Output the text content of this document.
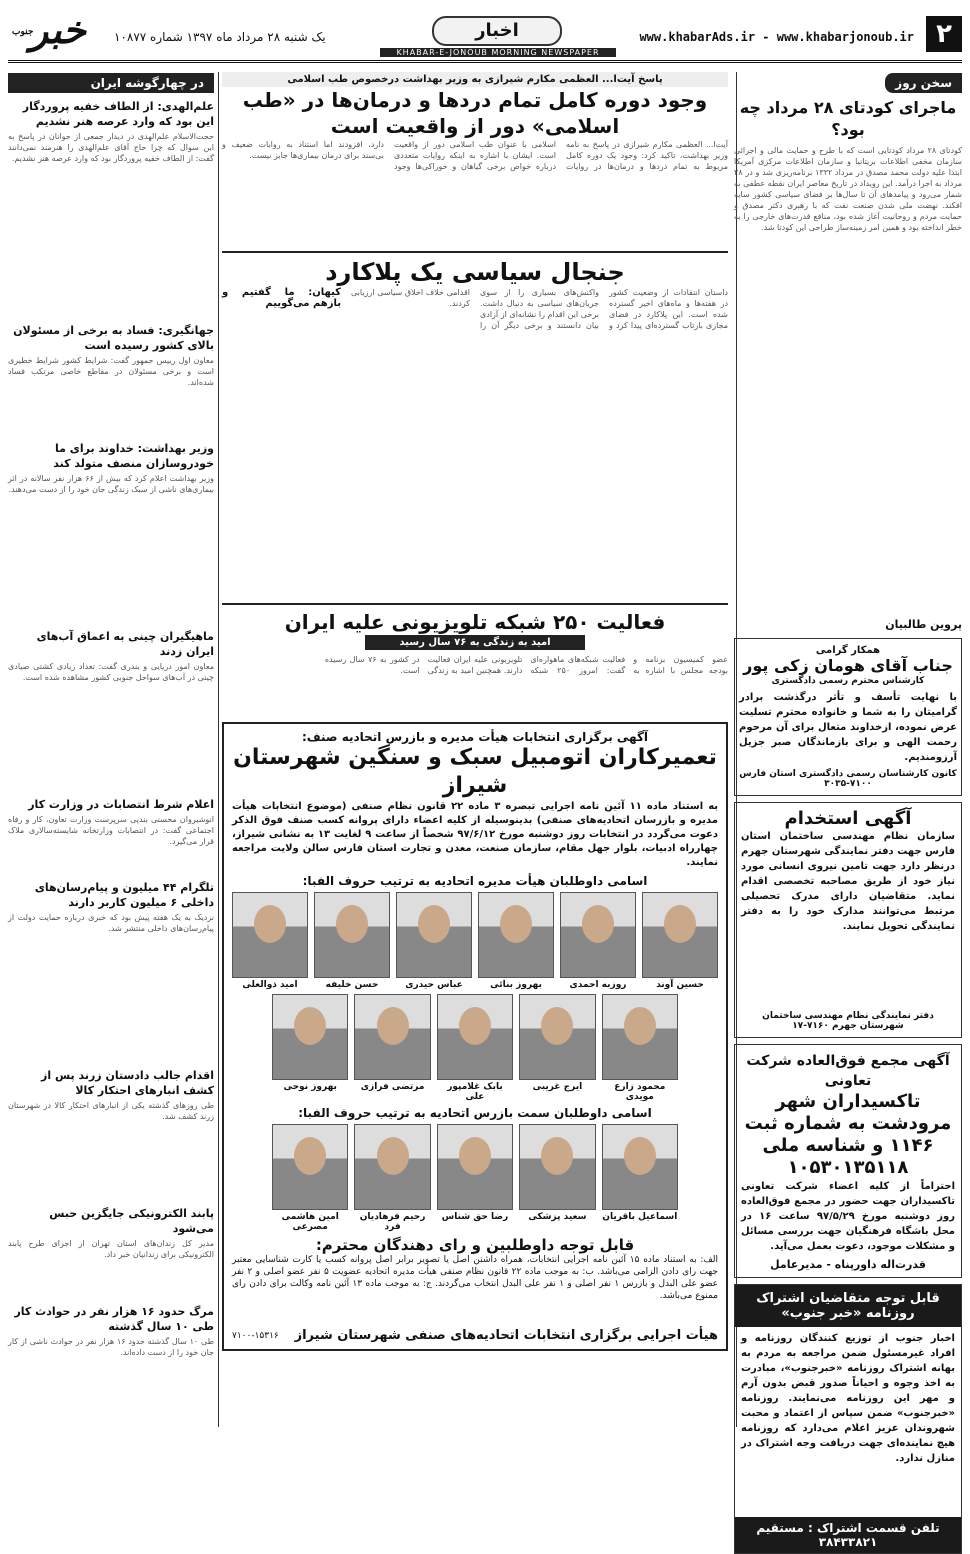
۲
www.khabarAds.ir - www.khabarjonoub.ir
اخبار
KHABAR-E-JONOUB MORNING NEWSPAPER
یک شنبه ۲۸ مرداد ماه ۱۳۹۷ شماره ۱۰۸۷۷
خبر
جنوب
سخن روز
ماجرای کودتای ۲۸ مرداد چه بود؟
کودتای ۲۸ مرداد کودتایی است که با طرح و حمایت مالی و اجرائی سازمان مخفی اطلاعات بریتانیا و سازمان اطلاعات مرکزی آمریکا ابتدا علیه دولت محمد مصدق در مرداد ۱۳۳۲ برنامه‌ریزی شد و در ۲۸ مرداد به اجرا درآمد. این رویداد در تاریخ معاصر ایران نقطه عطفی به شمار می‌رود و پیامدهای آن تا سال‌ها بر فضای سیاسی کشور سایه افکند. نهضت ملی شدن صنعت نفت که با رهبری دکتر مصدق و حمایت مردم و روحانیت آغاز شده بود، منافع قدرت‌های خارجی را به خطر انداخته بود و همین امر زمینه‌ساز طراحی این کودتا شد.
پروین طالبیان
همکار گرامی
جناب آقای هومان زکی پور
کارشناس محترم رسمی دادگستری
با نهایت تأسف و تأثر درگذشت برادر گرامیتان را به شما و خانواده محترم تسلیت عرض نموده، ازخداوند متعال برای آن مرحوم رحمت الهی و برای بازماندگان صبر جزیل آرزومندیم.
کانون کارشناسان رسمی دادگستری استان فارس ۷۱۰۰-۳۰۳۵
آگهی استخدام
سازمان نظام مهندسی ساختمان استان فارس جهت دفتر نمایندگی شهرستان جهرم درنظر دارد جهت تامین نیروی انسانی مورد نیاز خود از طریق مصاحبه تخصصی اقدام نماید. متقاضیان دارای مدرک تحصیلی مرتبط می‌توانند مدارک خود را به دفتر نمایندگی تحویل نمایند.
دفتر نمایندگی نظام مهندسی ساختمان شهرستان جهرم ۷۱۶۰-۱۷
آگهی مجمع فوق‌العاده شرکت تعاونی
تاکسیداران شهر مرودشت به شماره ثبت ۱۱۴۶ و شناسه ملی ۱۰۵۳۰۱۳۵۱۱۸
احتراماً از کلیه اعضاء شرکت تعاونی تاکسیداران جهت حضور در مجمع فوق‌العاده روز دوشنبه مورخ ۹۷/۵/۲۹ ساعت ۱۶ در محل باشگاه فرهنگیان جهت بررسی مسائل و مشکلات موجود، دعوت بعمل می‌آید.
قدرت‌اله داورپناه - مدیرعامل
قابل توجه متقاضیان اشتراک روزنامه «خبر جنوب»
اخبار جنوب از توزیع کنندگان روزنامه و افراد غیرمسئول ضمن مراجعه به مردم به بهانه اشتراک روزنامه «خبرجنوب»، مبادرت به اخذ وجوه و احیاناً صدور قبض بدون آرم و مهر این روزنامه می‌نمایند. روزنامه «خبرجنوب» ضمن سپاس از اعتماد و محبت شهروندان عزیز اعلام می‌دارد که روزنامه هیچ نماینده‌ای جهت دریافت وجه اشتراک در منازل ندارد.
تلفن قسمت اشتراک : مستقیم ۳۸۴۳۳۸۲۱
در چهارگوشه ایران
علم‌الهدی: از الطاف خفیه پروردگار این بود که وارد عرصه هنر نشدیم
حجت‌الاسلام علم‌الهدی در دیدار جمعی از جوانان در پاسخ به این سوال که چرا حاج آقای علم‌الهدی را هنرمند نمی‌دانند گفت: از الطاف خفیه پروردگار بود که وارد عرصه هنر نشدیم.
جهانگیری: فساد به برخی از مسئولان بالای کشور رسیده است
معاون اول رییس جمهور گفت: شرایط کشور شرایط خطیری است و برخی مسئولان در مقاطع خاصی مرتکب فساد شده‌اند.
وزیر بهداشت: خداوند برای ما خودروسازان منصف متولد کند
وزیر بهداشت اعلام کرد که بیش از ۶۶ هزار نفر سالانه در اثر بیماری‌های ناشی از سبک زندگی جان خود را از دست می‌دهند.
ماهیگیران چینی به اعماق آب‌های ایران زدند
معاون امور دریایی و بندری گفت: تعداد زیادی کشتی صیادی چینی در آب‌های سواحل جنوبی کشور مشاهده شده است.
اعلام شرط انتصابات در وزارت کار
انوشیروان محسنی بندپی سرپرست وزارت تعاون، کار و رفاه اجتماعی گفت: در انتصابات وزارتخانه شایسته‌سالاری ملاک قرار می‌گیرد.
تلگرام ۴۴ میلیون و پیام‌رسان‌های داخلی ۶ میلیون کاربر دارند
نزدیک به یک هفته پیش بود که خبری درباره حمایت دولت از پیام‌رسان‌های داخلی منتشر شد.
اقدام جالب دادستان زرند پس از کشف انبارهای احتکار کالا
طی روزهای گذشته یکی از انبارهای احتکار کالا در شهرستان زرند کشف شد.
پابند الکترونیکی جایگزین حبس می‌شود
مدیر کل زندان‌های استان تهران از اجرای طرح پابند الکترونیکی برای زندانیان خبر داد.
مرگ حدود ۱۶ هزار نفر در حوادث کار طی ۱۰ سال گذشته
طی ۱۰ سال گذشته حدود ۱۶ هزار نفر در حوادث ناشی از کار جان خود را از دست داده‌اند.
پاسخ آیت‌ا... العظمی مکارم شیرازی به وزیر بهداشت درخصوص طب اسلامی
وجود دوره کامل تمام دردها و درمان‌ها در «طب اسلامی» دور از واقعیت است
آیت‌ا... العظمی مکارم شیرازی در پاسخ به نامه وزیر بهداشت، تاکید کرد: وجود یک دوره کامل مربوط به تمام دردها و درمان‌ها در روایات اسلامی با عنوان طب اسلامی دور از واقعیت است. ایشان با اشاره به اینکه روایات متعددی درباره خواص برخی گیاهان و خوراکی‌ها وجود دارد، افزودند اما استناد به روایات ضعیف و بی‌سند برای درمان بیماری‌ها جایز نیست.
جنجال سیاسی یک پلاکارد
داستان انتقادات از وضعیت کشور در هفته‌ها و ماه‌های اخیر گسترده شده است. این پلاکارد در فضای مجازی بازتاب گسترده‌ای پیدا کرد و واکنش‌های بسیاری را از سوی جریان‌های سیاسی به دنبال داشت. برخی این اقدام را نشانه‌ای از آزادی بیان دانستند و برخی دیگر آن را اقدامی خلاف اخلاق سیاسی ارزیابی کردند.
کیهان: ما گفتیم و بازهم می‌گوییم
فعالیت ۲۵۰ شبکه تلویزیونی علیه ایران
امید به زندگی به ۷۶ سال رسید
عضو کمیسیون برنامه و بودجه مجلس با اشاره به فعالیت شبکه‌های ماهواره‌ای گفت: امروز ۲۵۰ شبکه تلویزیونی علیه ایران فعالیت دارند. همچنین امید به زندگی در کشور به ۷۶ سال رسیده است.
آگهی برگزاری انتخابات هیأت مدیره و بازرس اتحادیه صنف:
تعمیرکاران اتومبیل سبک و سنگین شهرستان شیراز
به استناد ماده ۱۱ آئین نامه اجرایی تبصره ۳ ماده ۲۲ قانون نظام صنفی (موضوع انتخابات هیأت مدیره و بازرسان اتحادیه‌های صنفی) بدینوسیله از کلیه اعضاء دارای پروانه کسب صنف فوق الذکر دعوت می‌گردد در انتخابات روز دوشنبه مورخ ۹۷/۶/۱۲ شخصاً از ساعت ۹ لغایت ۱۳ به نشانی شیراز، چهارراه ادبیات، بلوار جهل مقام، سازمان صنعت، معدن و تجارت استان فارس سالن ولایت مراجعه نمایند.
اسامی داوطلبان هیأت مدیره اتحادیه به ترتیب حروف الفبا:
حسین آوند
روزبه احمدی
بهروز بنائی
عباس حیدری
حسن خلیفه
امید ذوالعلی
محمود زارع مویدی
ایرج غریبی
بابک غلامپور علی
مرتضی فرازی
بهروز نوحی
اسامی داوطلبان سمت بازرس اتحادیه به ترتیب حروف الفبا:
اسماعیل باقریان
سعید پزشکی
رضا حق شناس
رحیم فرهادیان فرد
امین هاشمی مصرعی
قابل توجه داوطلبین و رای دهندگان محترم:
الف: به استناد ماده ۱۵ آئین نامه اجرایی انتخابات، همراه داشتن اصل یا تصویر برابر اصل پروانه کسب یا کارت شناسایی معتبر جهت رای دادن الزامی می‌باشد. ب: به موجب ماده ۲۲ قانون نظام صنفی هیأت مدیره اتحادیه عضویت ۵ نفر عضو اصلی و ۲ نفر عضو علی البدل و بازرس ۱ نفر اصلی و ۱ نفر علی البدل انتخاب می‌گردند. ج: به موجب ماده ۱۳ آئین نامه وکالت برای دادن رای ممنوع می‌باشد.
هیأت اجرایی برگزاری انتخابات اتحادیه‌های صنفی شهرستان شیراز
۷۱۰۰-۱۵۳۱۶
